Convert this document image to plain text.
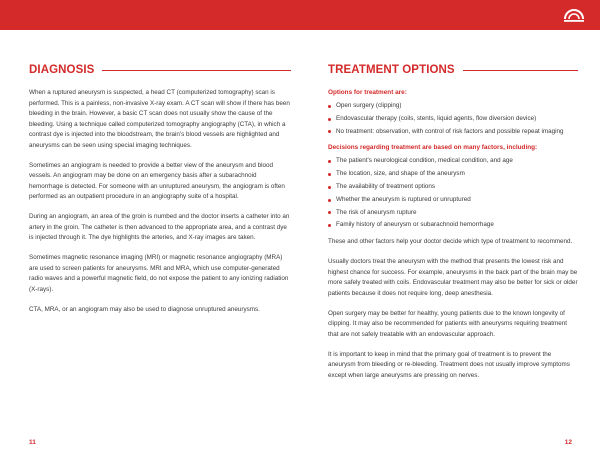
DIAGNOSIS

When a ruptured aneurysm is suspected, a head CT (computerized tomography) scan is performed. This is a painless, non-invasive X-ray exam. A CT scan will show if there has been bleeding in the brain. However, a basic CT scan does not usually show the cause of the bleeding. Using a technique called computerized tomography angiography (CTA), in which a contrast dye is injected into the bloodstream, the brain's blood vessels are highlighted and aneurysms can be seen using special imaging techniques.

Sometimes an angiogram is needed to provide a better view of the aneurysm and blood vessels. An angiogram may be done on an emergency basis after a subarachnoid hemorrhage is detected. For someone with an unruptured aneurysm, the angiogram is often performed as an outpatient procedure in an angiography suite of a hospital.

During an angiogram, an area of the groin is numbed and the doctor inserts a catheter into an artery in the groin. The catheter is then advanced to the appropriate area, and a contrast dye is injected through it. The dye highlights the arteries, and X-ray images are taken.

Sometimes magnetic resonance imaging (MRI) or magnetic resonance angiography (MRA) are used to screen patients for aneurysms. MRI and MRA, which use computer-generated radio waves and a powerful magnetic field, do not expose the patient to any ionizing radiation (X-rays).

CTA, MRA, or an angiogram may also be used to diagnose unruptured aneurysms.

TREATMENT OPTIONS
Options for treatment are:
Open surgery (clipping)
Endovascular therapy (coils, stents, liquid agents, flow diversion device)
No treatment: observation, with control of risk factors and possible repeat imaging
Decisions regarding treatment are based on many factors, including:
The patient's neurological condition, medical condition, and age
The location, size, and shape of the aneurysm
The availability of treatment options
Whether the aneurysm is ruptured or unruptured
The risk of aneurysm rupture
Family history of aneurysm or subarachnoid hemorrhage

These and other factors help your doctor decide which type of treatment to recommend.

Usually doctors treat the aneurysm with the method that presents the lowest risk and highest chance for success. For example, aneurysms in the back part of the brain may be more safely treated with coils. Endovascular treatment may also be better for sick or older patients because it does not require long, deep anesthesia.

Open surgery may be better for healthy, young patients due to the known longevity of clipping. It may also be recommended for patients with aneurysms requiring treatment that are not safely treatable with an endovascular approach.

It is important to keep in mind that the primary goal of treatment is to prevent the aneurysm from bleeding or re-bleeding. Treatment does not usually improve symptoms except when large aneurysms are pressing on nerves.

11	12
